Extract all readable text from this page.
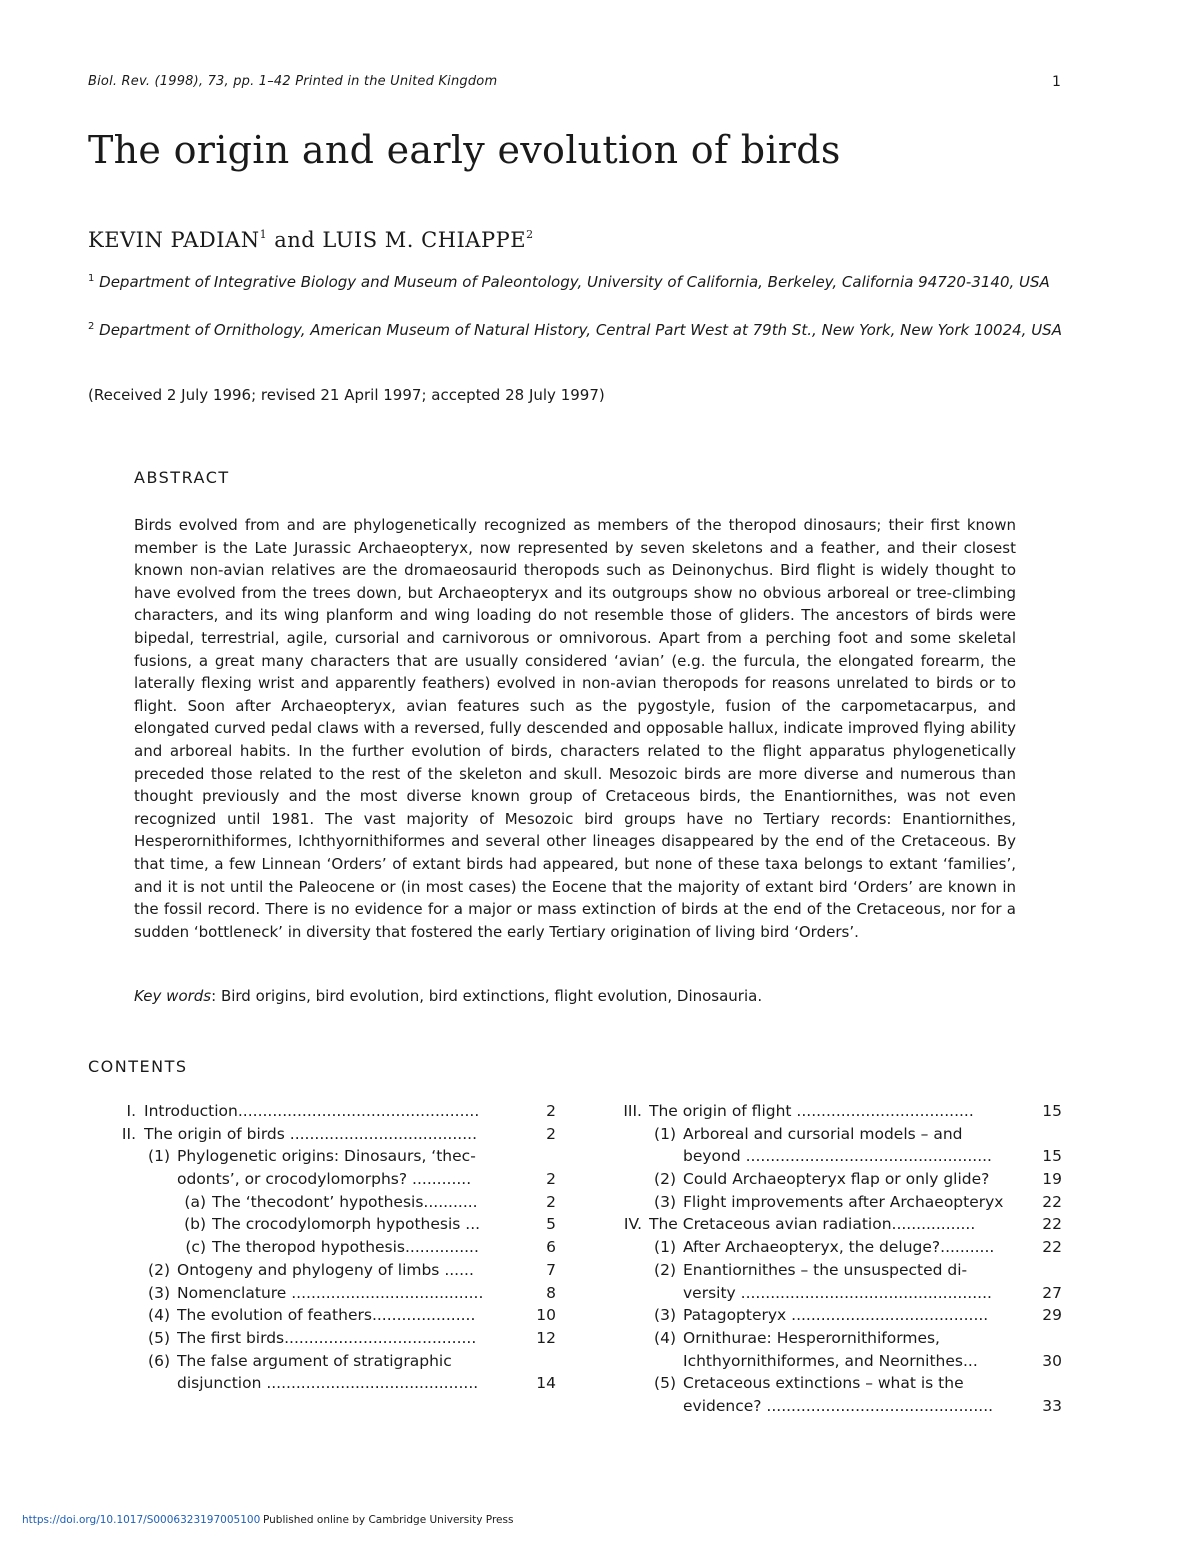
Biol. Rev. (1998), 73, pp. 1–42 Printed in the United Kingdom	1
The origin and early evolution of birds
KEVIN PADIAN$^1$ and LUIS M. CHIAPPE$^2$
$^1$ Department of Integrative Biology and Museum of Paleontology, University of California, Berkeley, California 94720-3140, USA
$^2$ Department of Ornithology, American Museum of Natural History, Central Part West at 79th St., New York, New York 10024, USA
(Received 2 July 1996; revised 21 April 1997; accepted 28 July 1997)
ABSTRACT
Birds evolved from and are phylogenetically recognized as members of the theropod dinosaurs; their first known member is the Late Jurassic Archaeopteryx, now represented by seven skeletons and a feather, and their closest known non-avian relatives are the dromaeosaurid theropods such as Deinonychus. Bird flight is widely thought to have evolved from the trees down, but Archaeopteryx and its outgroups show no obvious arboreal or tree-climbing characters, and its wing planform and wing loading do not resemble those of gliders. The ancestors of birds were bipedal, terrestrial, agile, cursorial and carnivorous or omnivorous. Apart from a perching foot and some skeletal fusions, a great many characters that are usually considered ‘avian’ (e.g. the furcula, the elongated forearm, the laterally flexing wrist and apparently feathers) evolved in non-avian theropods for reasons unrelated to birds or to flight. Soon after Archaeopteryx, avian features such as the pygostyle, fusion of the carpometacarpus, and elongated curved pedal claws with a reversed, fully descended and opposable hallux, indicate improved flying ability and arboreal habits. In the further evolution of birds, characters related to the flight apparatus phylogenetically preceded those related to the rest of the skeleton and skull. Mesozoic birds are more diverse and numerous than thought previously and the most diverse known group of Cretaceous birds, the Enantiornithes, was not even recognized until 1981. The vast majority of Mesozoic bird groups have no Tertiary records: Enantiornithes, Hesperornithiformes, Ichthyornithiformes and several other lineages disappeared by the end of the Cretaceous. By that time, a few Linnean ‘Orders’ of extant birds had appeared, but none of these taxa belongs to extant ‘families’, and it is not until the Paleocene or (in most cases) the Eocene that the majority of extant bird ‘Orders’ are known in the fossil record. There is no evidence for a major or mass extinction of birds at the end of the Cretaceous, nor for a sudden ‘bottleneck’ in diversity that fostered the early Tertiary origination of living bird ‘Orders’.
Key words: Bird origins, bird evolution, bird extinctions, flight evolution, Dinosauria.
CONTENTS
I. Introduction.................................................	2
II. The origin of birds ......................................	2
(1) Phylogenetic origins: Dinosaurs, ‘thec-
odonts’, or crocodylomorphs? ............	2
(a) The ‘thecodont’ hypothesis...........	2
(b) The crocodylomorph hypothesis ...	5
(c) The theropod hypothesis...............	6
(2) Ontogeny and phylogeny of limbs ......	7
(3) Nomenclature .......................................	8
(4) The evolution of feathers.....................	10
(5) The first birds.......................................	12
(6) The false argument of stratigraphic
disjunction ...........................................	14
III. The origin of flight ....................................	15
(1) Arboreal and cursorial models – and
beyond ..................................................	15
(2) Could Archaeopteryx flap or only glide?	19
(3) Flight improvements after Archaeopteryx	22
IV. The Cretaceous avian radiation.................	22
(1) After Archaeopteryx, the deluge?...........	22
(2) Enantiornithes – the unsuspected di-
versity ...................................................	27
(3) Patagopteryx ........................................	29
(4) Ornithurae: Hesperornithiformes,
Ichthyornithiformes, and Neornithes...	30
(5) Cretaceous extinctions – what is the
evidence? ..............................................	33
https://doi.org/10.1017/S0006323197005100 Published online by Cambridge University Press
